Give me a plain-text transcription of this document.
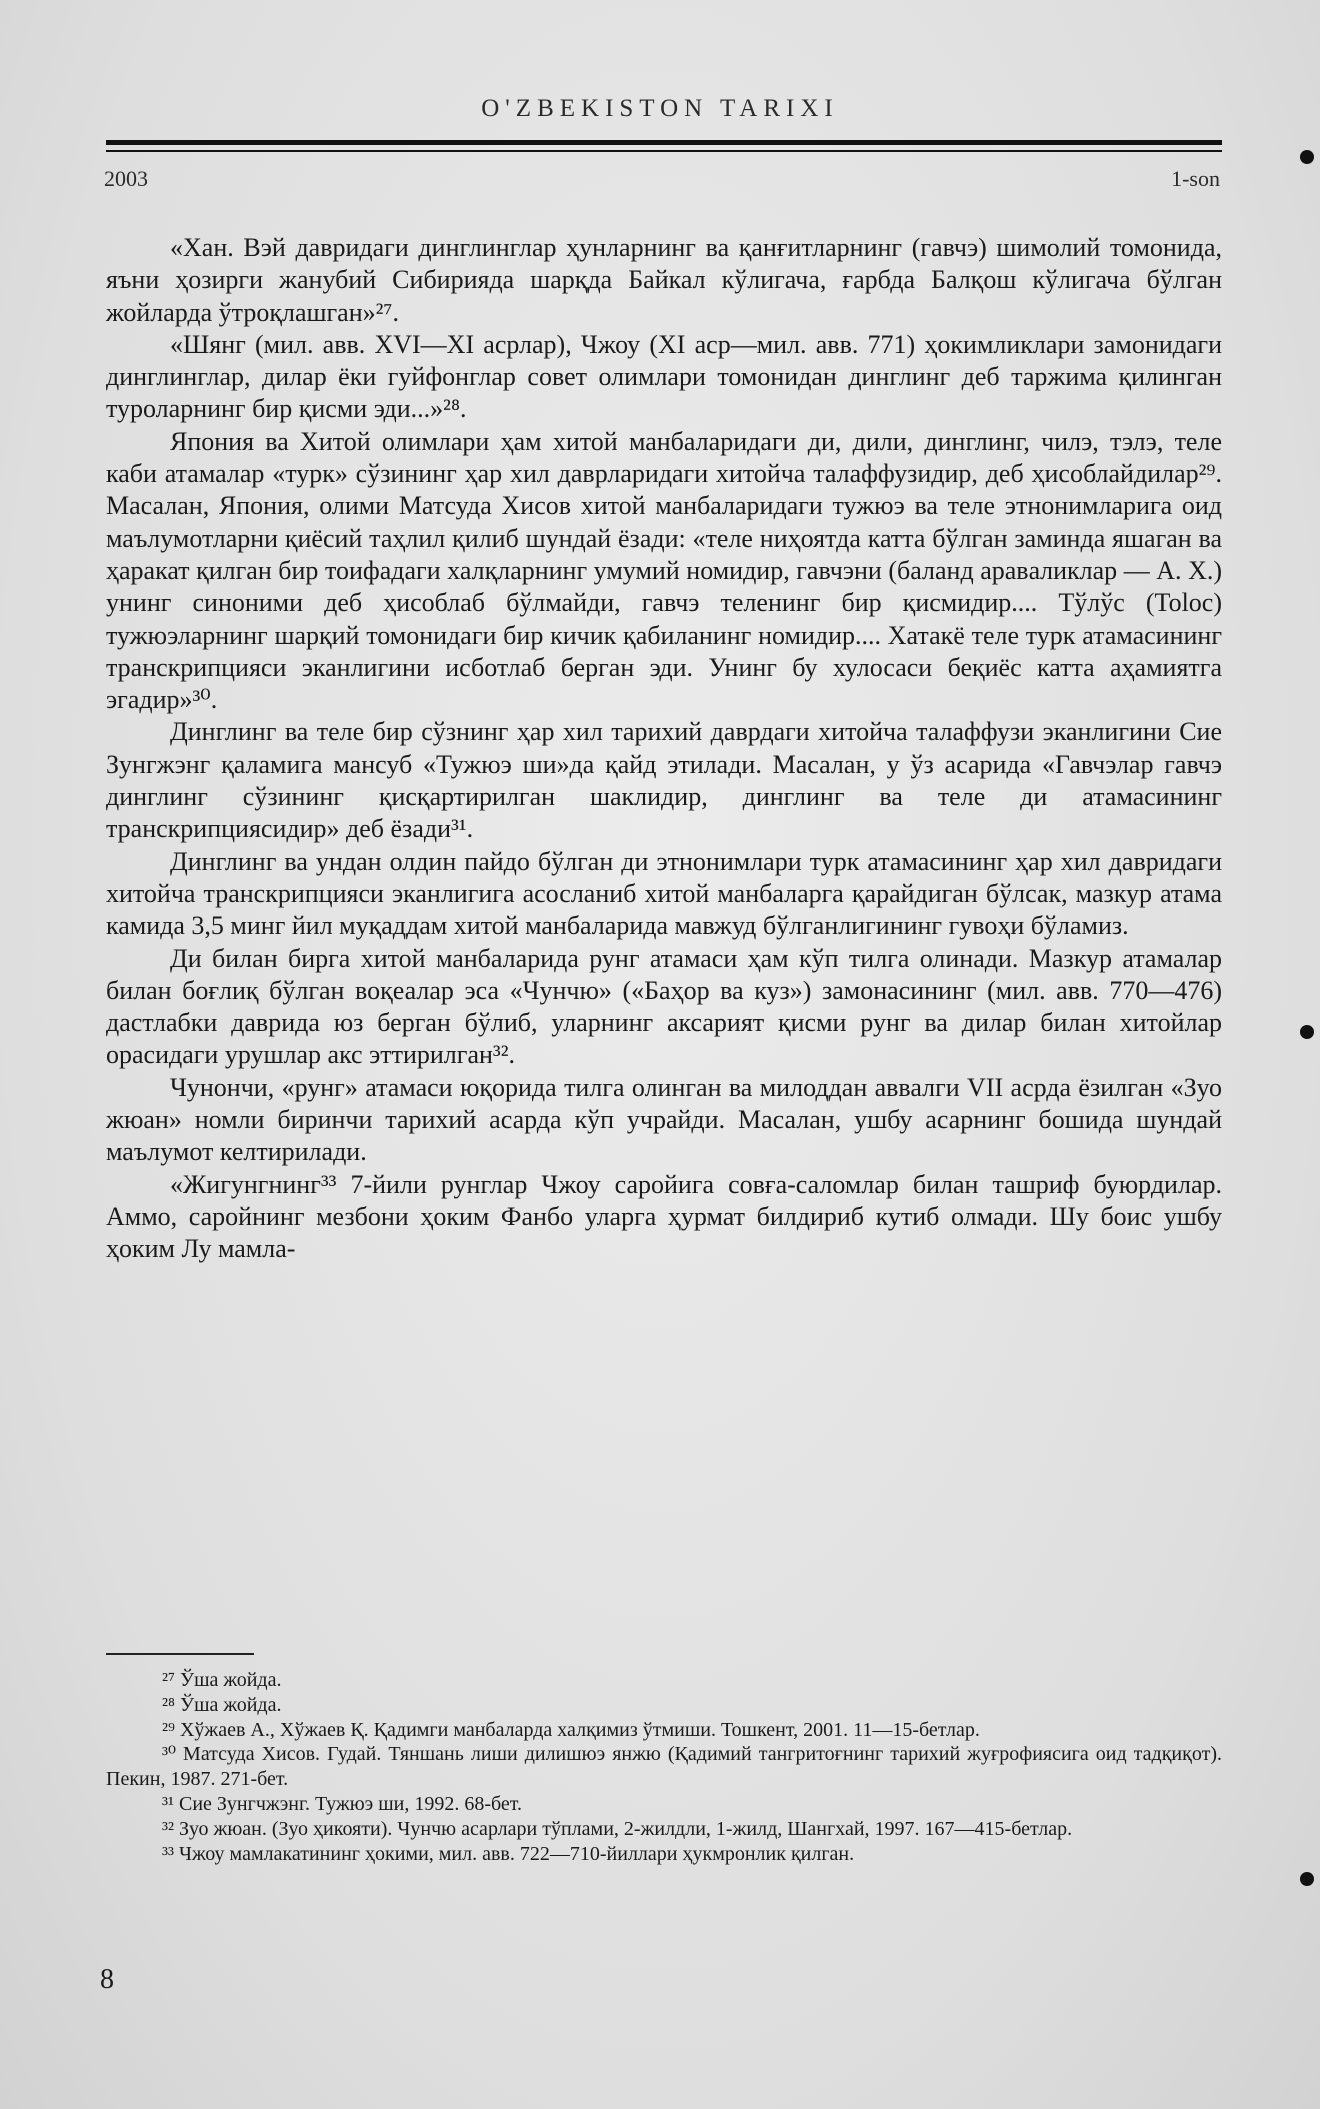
O'ZBEKISTON TARIXI
2003	1-son

«Хан. Вэй давридаги динглинглар ҳунларнинг ва қанғитларнинг (гавчэ) шимолий томонида, яъни ҳозирги жанубий Сибирияда шарқда Байкал кўлигача, ғарбда Балқош кўлигача бўлган жойларда ўтроқлашган»²⁷.

«Шянг (мил. авв. XVI—XI асрлар), Чжоу (XI аср—мил. авв. 771) ҳокимликлари замонидаги динглинглар, дилар ёки гуйфонглар совет олимлари томонидан динглинг деб таржима қилинган туроларнинг бир қисми эди...»²⁸.

Япония ва Хитой олимлари ҳам хитой манбаларидаги ди, дили, динглинг, чилэ, тэлэ, теле каби атамалар «турк» сўзининг ҳар хил даврларидаги хитойча талаффузидир, деб ҳисоблайдилар²⁹. Масалан, Япония, олими Матсуда Хисов хитой манбаларидаги тужюэ ва теле этнонимларига оид маълумотларни қиёсий таҳлил қилиб шундай ёзади: «теле ниҳоятда катта бўлган заминда яшаган ва ҳаракат қилган бир тоифадаги халқларнинг умумий номидир, гавчэни (баланд аравaликлар — А. Х.) унинг синоними деб ҳисоблаб бўлмайди, гавчэ теленинг бир қисмидир.... Тўлўс (Toloc) тужюэларнинг шарқий томонидаги бир кичик қабиланинг номидир.... Хатакё теле турк атамасининг транскрипцияси эканлигини исботлаб берган эди. Унинг бу хулосаси беқиёс катта аҳамиятга эгадир»³⁰.

Динглинг ва теле бир сўзнинг ҳар хил тарихий даврдаги хитойча талаффузи эканлигини Сие Зунгжэнг қаламига мансуб «Тужюэ ши»да қайд этилади. Масалан, у ўз асарида «Гавчэлар гавчэ динглинг сўзининг қисқартирилган шаклидир, динглинг ва теле ди атамасининг транскрипциясидир» деб ёзади³¹.

Динглинг ва ундан олдин пайдо бўлган ди этнонимлари турк атамасининг ҳар хил давридаги хитойча транскрипцияси эканлигига асосланиб хитой манбаларга қарайдиган бўлсак, мазкур атама камида 3,5 минг йил муқаддам хитой манбаларида мавжуд бўлганлигининг гувоҳи бўламиз.

Ди билан бирга хитой манбаларида рунг атамаси ҳам кўп тилга олинади. Мазкур атамалар билан боғлиқ бўлган воқеалар эса «Чунчю» («Баҳор ва куз») замонасининг (мил. авв. 770—476) дастлабки даврида юз берган бўлиб, уларнинг аксарият қисми рунг ва дилар билан хитойлар орасидаги урушлар акс эттирилган³².

Чунончи, «рунг» атамаси юқорида тилга олинган ва милоддан аввалги VII асрда ёзилган «Зуо жюан» номли биринчи тарихий асарда кўп учрайди. Масалан, ушбу асарнинг бошида шундай маълумот келтирилади.

«Жигунгнинг³³ 7-йили рунглар Чжоу саройига совға-саломлар билан ташриф буюрдилар. Аммо, саройнинг мезбони ҳоким Фанбо уларга ҳурмат билдириб кутиб олмади. Шу боис ушбу ҳоким Лу мамла-

²⁷ Ўша жойда.

²⁸ Ўша жойда.

²⁹ Хўжаев А., Хўжаев Қ. Қадимги манбаларда халқимиз ўтмиши. Тошкент, 2001. 11—15-бетлар.

³⁰ Матсуда Хисов. Гудай. Тяншань лиши дилишюэ янжю (Қадимий тангритоғнинг тарихий жуғрофиясига оид тадқиқот). Пекин, 1987. 271-бет.

³¹ Сие Зунгчжэнг. Тужюэ ши, 1992. 68-бет.

³² Зуо жюан. (Зуо ҳикояти). Чунчю асарлари тўплами, 2-жилдли, 1-жилд, Шангхай, 1997. 167—415-бетлар.

³³ Чжоу мамлакатининг ҳокими, мил. авв. 722—710-йиллари ҳукмронлик қилган.

8
